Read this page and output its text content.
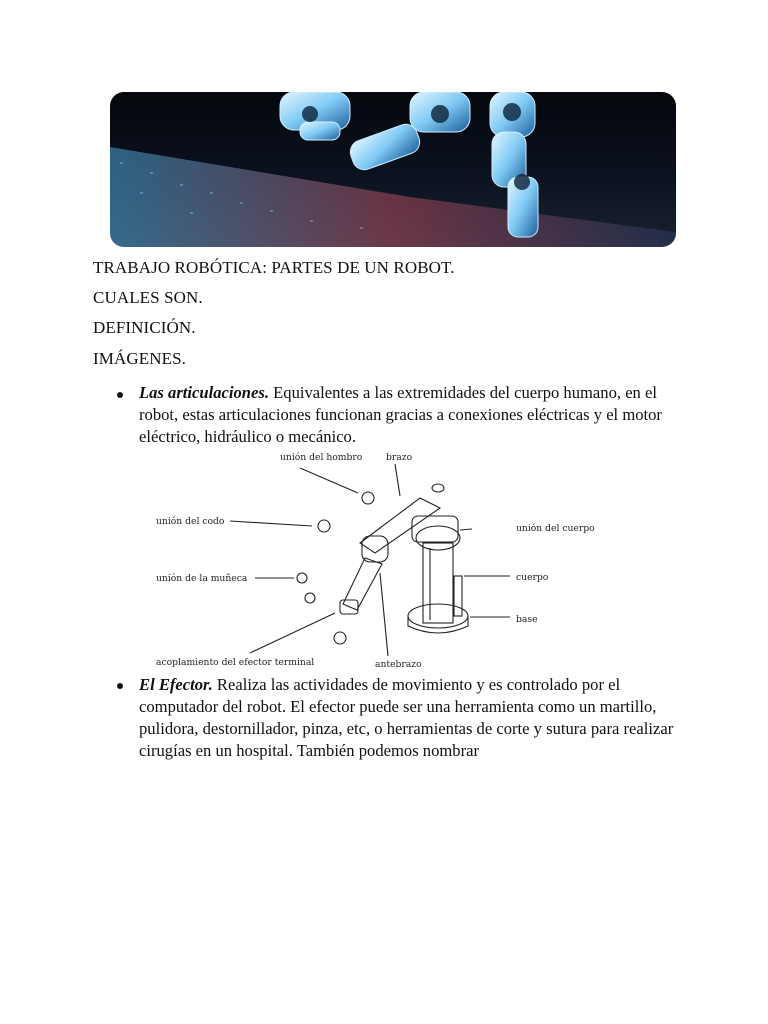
TRABAJO ROBÓTICA: PARTES DE UN ROBOT.

CUALES SON.

DEFINICIÓN.

IMÁGENES.

Las articulaciones. Equivalentes a las extremidades del cuerpo humano, en el robot, estas articulaciones funcionan gracias a conexiones eléctricas y el motor eléctrico, hidráulico o mecánico.
unión del hombro	brazo
unión del codo
unión del cuerpo
unión de la muñeca	cuerpo
base
acoplamiento del efector terminal	antebrazo
El Efector. Realiza las actividades de movimiento y es controlado por el computador del robot. El efector puede ser una herramienta como un martillo, pulidora, destornillador, pinza, etc, o herramientas de corte y sutura para realizar cirugías en un hospital. También podemos nombrar
